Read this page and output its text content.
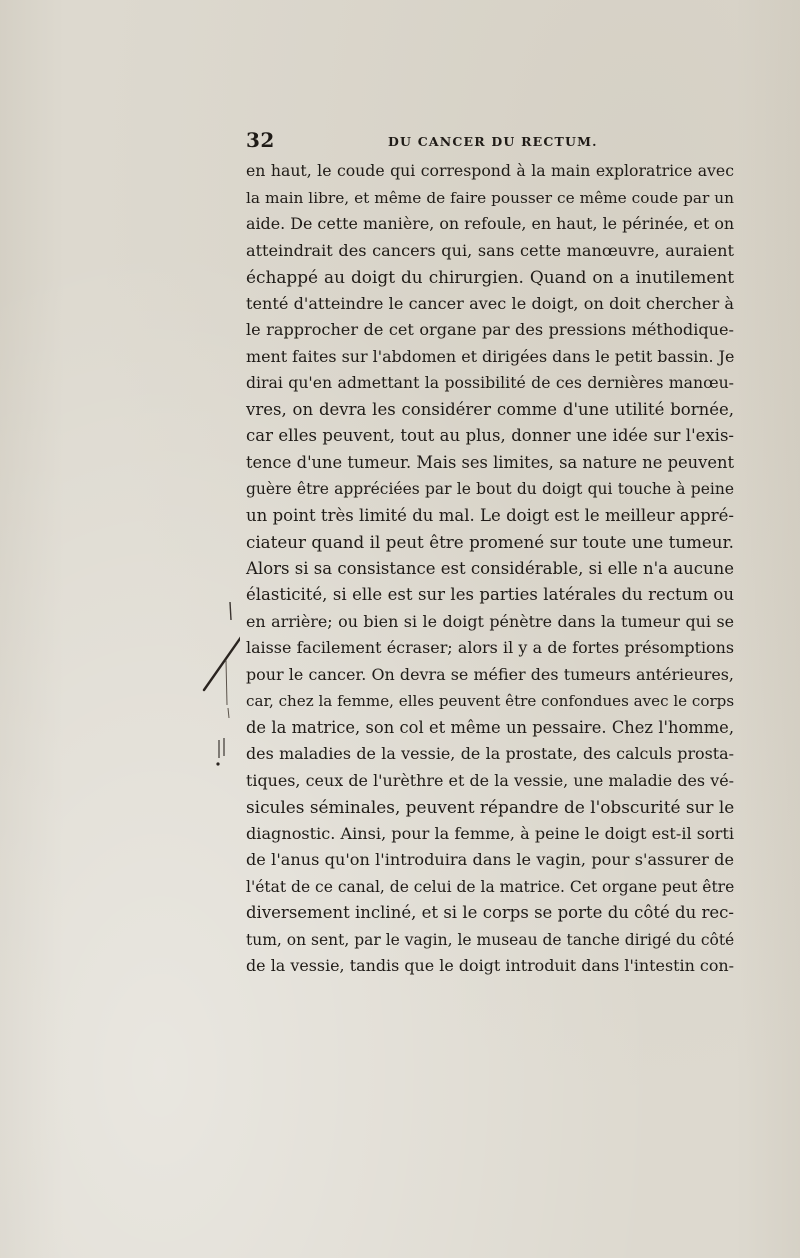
32	DU CANCER DU RECTUM.
en haut, le coude qui correspond à la main exploratrice avec
la main libre, et même de faire pousser ce même coude par un
aide. De cette manière, on refoule, en haut, le périnée, et on
atteindrait des cancers qui, sans cette manœuvre, auraient
échappé au doigt du chirurgien. Quand on a inutilement
tenté d'atteindre le cancer avec le doigt, on doit chercher à
le rapprocher de cet organe par des pressions méthodique-
ment faites sur l'abdomen et dirigées dans le petit bassin. Je
dirai qu'en admettant la possibilité de ces dernières manœu-
vres, on devra les considérer comme d'une utilité bornée,
car elles peuvent, tout au plus, donner une idée sur l'exis-
tence d'une tumeur. Mais ses limites, sa nature ne peuvent
guère être appréciées par le bout du doigt qui touche à peine
un point très limité du mal. Le doigt est le meilleur appré-
ciateur quand il peut être promené sur toute une tumeur.
Alors si sa consistance est considérable, si elle n'a aucune
élasticité, si elle est sur les parties latérales du rectum ou
en arrière; ou bien si le doigt pénètre dans la tumeur qui se
laisse facilement écraser; alors il y a de fortes présomptions
pour le cancer. On devra se méfier des tumeurs antérieures,
car, chez la femme, elles peuvent être confondues avec le corps
de la matrice, son col et même un pessaire. Chez l'homme,
des maladies de la vessie, de la prostate, des calculs prosta-
tiques, ceux de l'urèthre et de la vessie, une maladie des vé-
sicules séminales, peuvent répandre de l'obscurité sur le
diagnostic. Ainsi, pour la femme, à peine le doigt est-il sorti
de l'anus qu'on l'introduira dans le vagin, pour s'assurer de
l'état de ce canal, de celui de la matrice. Cet organe peut être
diversement incliné, et si le corps se porte du côté du rec-
tum, on sent, par le vagin, le museau de tanche dirigé du côté
de la vessie, tandis que le doigt introduit dans l'intestin con-
